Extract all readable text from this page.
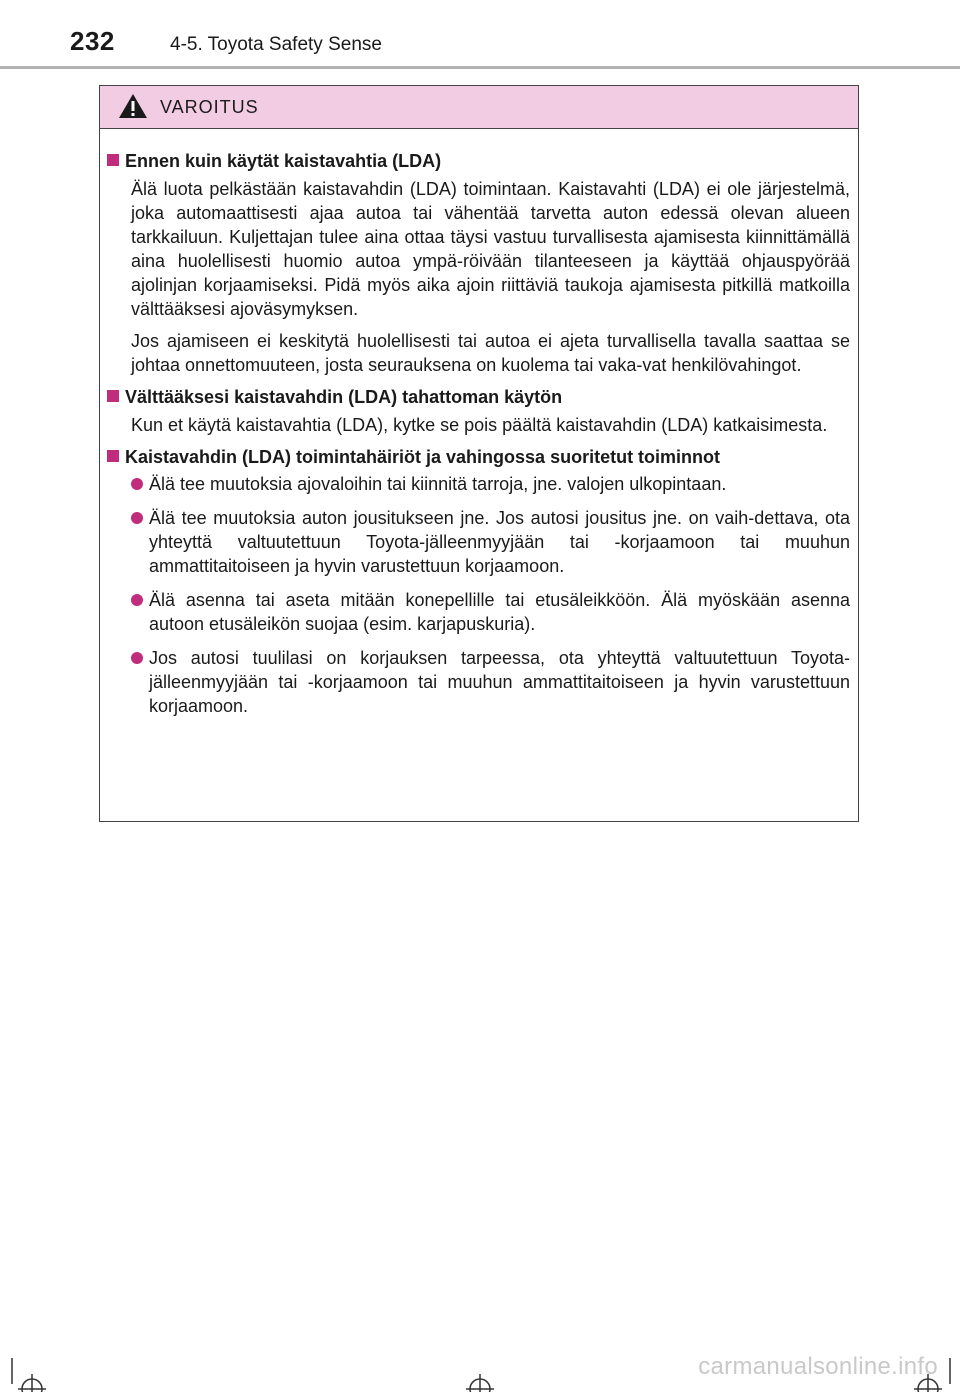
232	4-5. Toyota Safety Sense
VAROITUS
Ennen kuin käytät kaistavahtia (LDA)

Älä luota pelkästään kaistavahdin (LDA) toimintaan. Kaistavahti (LDA) ei ole järjestelmä, joka automaattisesti ajaa autoa tai vähentää tarvetta auton edessä olevan alueen tarkkailuun. Kuljettajan tulee aina ottaa täysi vastuu turvallisesta ajamisesta kiinnittämällä aina huolellisesti huomio autoa ympä-röivään tilanteeseen ja käyttää ohjauspyörää ajolinjan korjaamiseksi. Pidä myös aika ajoin riittäviä taukoja ajamisesta pitkillä matkoilla välttääksesi ajoväsymyksen.

Jos ajamiseen ei keskitytä huolellisesti tai autoa ei ajeta turvallisella tavalla saattaa se johtaa onnettomuuteen, josta seurauksena on kuolema tai vaka-vat henkilövahingot.

Välttääksesi kaistavahdin (LDA) tahattoman käytön

Kun et käytä kaistavahtia (LDA), kytke se pois päältä kaistavahdin (LDA) katkaisimesta.

Kaistavahdin (LDA) toimintahäiriöt ja vahingossa suoritetut toiminnot
Älä tee muutoksia ajovaloihin tai kiinnitä tarroja, jne. valojen ulkopintaan.
Älä tee muutoksia auton jousitukseen jne. Jos autosi jousitus jne. on vaih-dettava, ota yhteyttä valtuutettuun Toyota-jälleenmyyjään tai -korjaamoon tai muuhun ammattitaitoiseen ja hyvin varustettuun korjaamoon.
Älä asenna tai aseta mitään konepellille tai etusäleikköön. Älä myöskään asenna autoon etusäleikön suojaa (esim. karjapuskuria).
Jos autosi tuulilasi on korjauksen tarpeessa, ota yhteyttä valtuutettuun Toyota-jälleenmyyjään tai -korjaamoon tai muuhun ammattitaitoiseen ja hyvin varustettuun korjaamoon.
carmanualsonline.info
